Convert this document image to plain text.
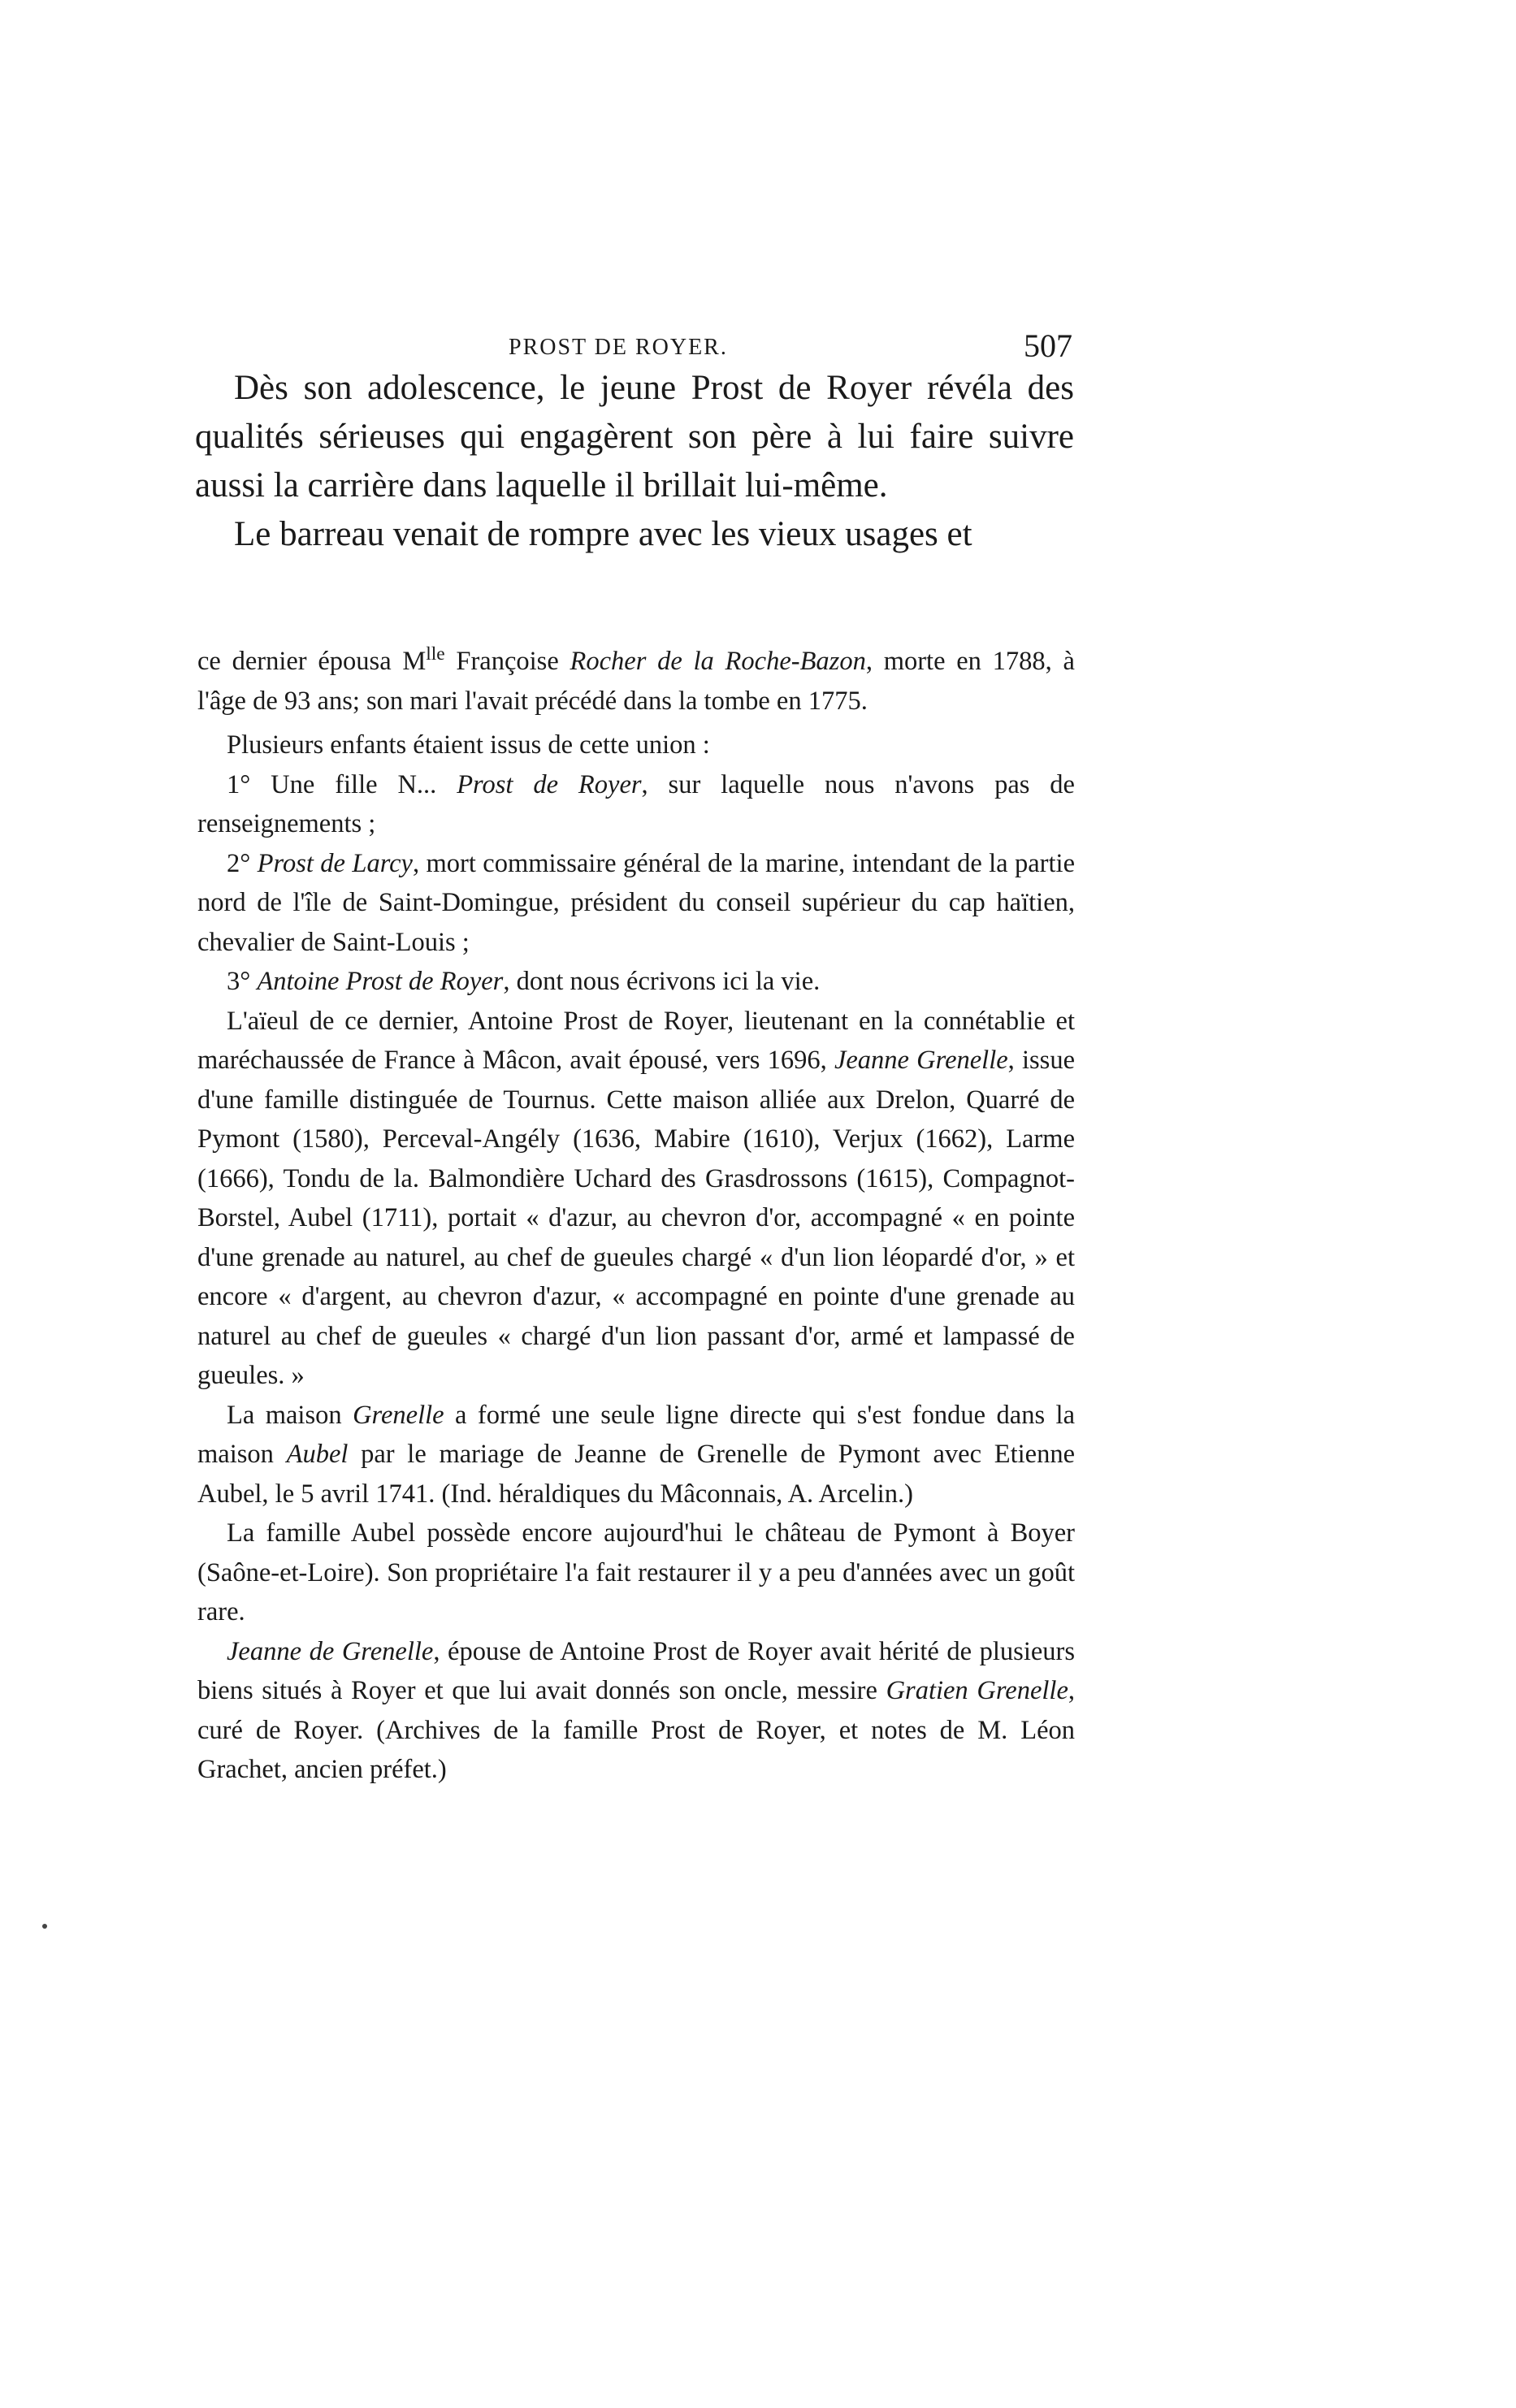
PROST DE ROYER.	507

Dès son adolescence, le jeune Prost de Royer révéla des qualités sérieuses qui engagèrent son père à lui faire suivre aussi la carrière dans laquelle il brillait lui-même.

Le barreau venait de rompre avec les vieux usages et

ce dernier épousa $M^{lle}$ Françoise Rocher de la Roche-Bazon, morte en 1788, à l'âge de 93 ans; son mari l'avait précédé dans la tombe en 1775.

Plusieurs enfants étaient issus de cette union :

1° Une fille N... Prost de Royer, sur laquelle nous n'avons pas de renseignements ;

2° Prost de Larcy, mort commissaire général de la marine, intendant de la partie nord de l'île de Saint-Domingue, président du conseil supérieur du cap haïtien, chevalier de Saint-Louis ;

3° Antoine Prost de Royer, dont nous écrivons ici la vie.

L'aïeul de ce dernier, Antoine Prost de Royer, lieutenant en la connétablie et maréchaussée de France à Mâcon, avait épousé, vers 1696, Jeanne Grenelle, issue d'une famille distinguée de Tournus. Cette maison alliée aux Drelon, Quarré de Pymont (1580), Perceval-Angély (1636, Mabire (1610), Verjux (1662), Larme (1666), Tondu de la. Balmondière Uchard des Grasdrossons (1615), Compagnot-Borstel, Aubel (1711), portait « d'azur, au chevron d'or, accompagné « en pointe d'une grenade au naturel, au chef de gueules chargé « d'un lion léopardé d'or, » et encore « d'argent, au chevron d'azur, « accompagné en pointe d'une grenade au naturel au chef de gueules « chargé d'un lion passant d'or, armé et lampassé de gueules. »

La maison Grenelle a formé une seule ligne directe qui s'est fondue dans la maison Aubel par le mariage de Jeanne de Grenelle de Pymont avec Etienne Aubel, le 5 avril 1741. (Ind. héraldiques du Mâconnais, A. Arcelin.)

La famille Aubel possède encore aujourd'hui le château de Pymont à Boyer (Saône-et-Loire). Son propriétaire l'a fait restaurer il y a peu d'années avec un goût rare.

Jeanne de Grenelle, épouse de Antoine Prost de Royer avait hérité de plusieurs biens situés à Royer et que lui avait donnés son oncle, messire Gratien Grenelle, curé de Royer. (Archives de la famille Prost de Royer, et notes de M. Léon Grachet, ancien préfet.)
